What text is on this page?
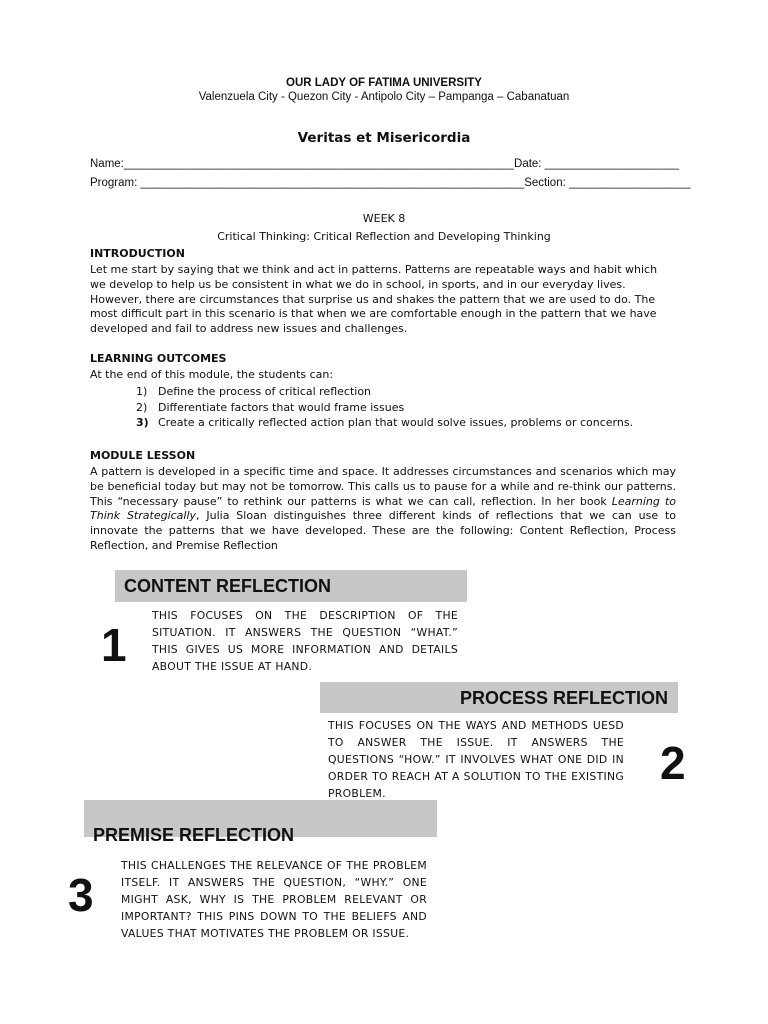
OUR LADY OF FATIMA UNIVERSITY
Valenzuela City - Quezon City - Antipolo City – Pampanga – Cabanatuan
Veritas et Misericordia
Name:_____________________________________________________________Date: _____________________
Program: ____________________________________________________________Section: ___________________
WEEK 8
Critical Thinking: Critical Reflection and Developing Thinking
INTRODUCTION
Let me start by saying that we think and act in patterns. Patterns are repeatable ways and habit which we develop to help us be consistent in what we do in school, in sports, and in our everyday lives. However, there are circumstances that surprise us and shakes the pattern that we are used to do. The most difficult part in this scenario is that when we are comfortable enough in the pattern that we have developed and fail to address new issues and challenges.
LEARNING OUTCOMES
At the end of this module, the students can:
1) Define the process of critical reflection
2) Differentiate factors that would frame issues
3) Create a critically reflected action plan that would solve issues, problems or concerns.
MODULE LESSON
A pattern is developed in a specific time and space. It addresses circumstances and scenarios which may be beneficial today but may not be tomorrow. This calls us to pause for a while and re-think our patterns. This “necessary pause” to rethink our patterns is what we can call, reflection. In her book Learning to Think Strategically, Julia Sloan distinguishes three different kinds of reflections that we can use to innovate the patterns that we have developed. These are the following: Content Reflection, Process Reflection, and Premise Reflection
CONTENT REFLECTION
1
THIS FOCUSES ON THE DESCRIPTION OF THE SITUATION. IT ANSWERS THE QUESTION “WHAT.” THIS GIVES US MORE INFORMATION AND DETAILS ABOUT THE ISSUE AT HAND.
PROCESS REFLECTION
THIS FOCUSES ON THE WAYS AND METHODS UESD TO ANSWER THE ISSUE. IT ANSWERS THE QUESTIONS “HOW.” IT INVOLVES WHAT ONE DID IN ORDER TO REACH AT A SOLUTION TO THE EXISTING PROBLEM.
2
PREMISE REFLECTION
3
THIS CHALLENGES THE RELEVANCE OF THE PROBLEM ITSELF. IT ANSWERS THE QUESTION, “WHY.” ONE MIGHT ASK, WHY IS THE PROBLEM RELEVANT OR IMPORTANT? THIS PINS DOWN TO THE BELIEFS AND VALUES THAT MOTIVATES THE PROBLEM OR ISSUE.
